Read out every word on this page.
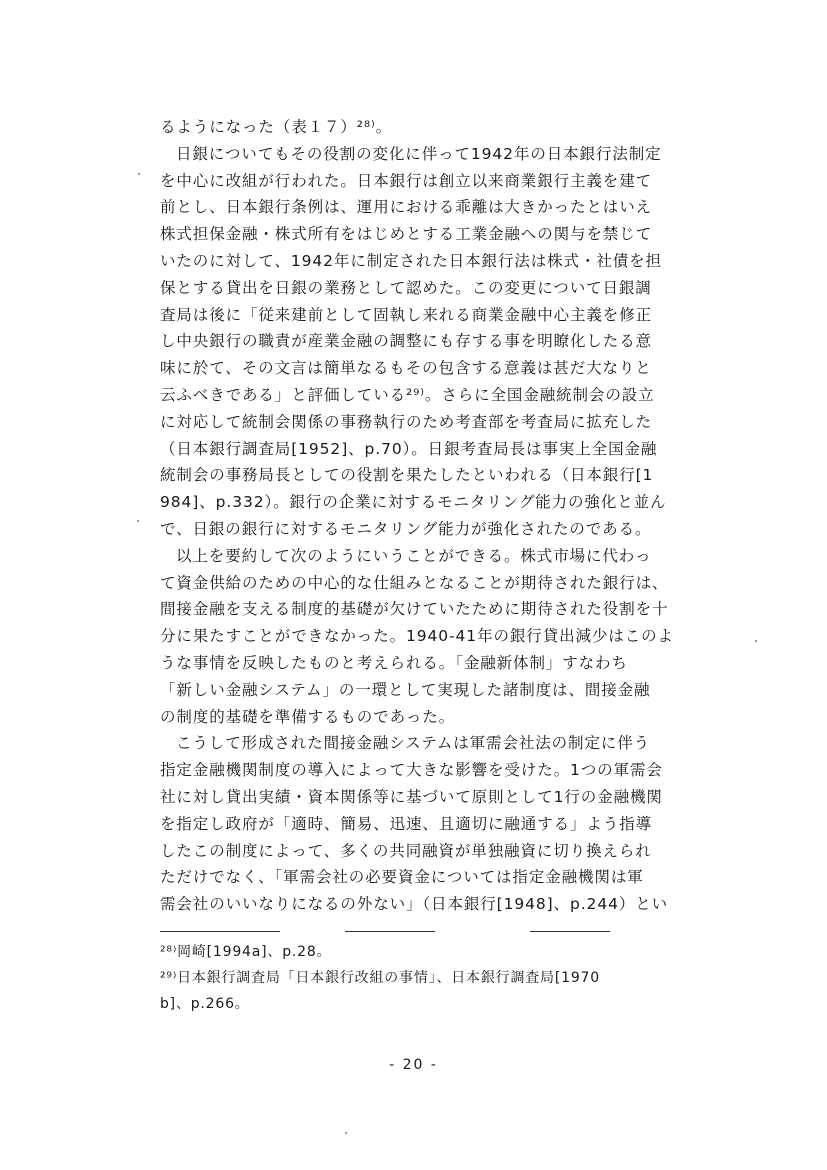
るようになった（表１７）²⁸⁾。
日銀についてもその役割の変化に伴って1942年の日本銀行法制定
を中心に改組が行われた。日本銀行は創立以来商業銀行主義を建て
前とし、日本銀行条例は、運用における乖離は大きかったとはいえ
株式担保金融・株式所有をはじめとする工業金融への関与を禁じて
いたのに対して、1942年に制定された日本銀行法は株式・社債を担
保とする貸出を日銀の業務として認めた。この変更について日銀調
査局は後に「従来建前として固執し来れる商業金融中心主義を修正
し中央銀行の職責が産業金融の調整にも存する事を明瞭化したる意
味に於て、その文言は簡単なるもその包含する意義は甚だ大なりと
云ふべきである」と評価している²⁹⁾。さらに全国金融統制会の設立
に対応して統制会関係の事務執行のため考査部を考査局に拡充した
（日本銀行調査局[1952]、p.70）。日銀考査局長は事実上全国金融
統制会の事務局長としての役割を果たしたといわれる（日本銀行[1
984]、p.332）。銀行の企業に対するモニタリング能力の強化と並ん
で、日銀の銀行に対するモニタリング能力が強化されたのである。
以上を要約して次のようにいうことができる。株式市場に代わっ
て資金供給のための中心的な仕組みとなることが期待された銀行は、
間接金融を支える制度的基礎が欠けていたために期待された役割を十
分に果たすことができなかった。1940-41年の銀行貸出減少はこのよ
うな事情を反映したものと考えられる。「金融新体制」すなわち
「新しい金融システム」の一環として実現した諸制度は、間接金融
の制度的基礎を準備するものであった。
こうして形成された間接金融システムは軍需会社法の制定に伴う
指定金融機関制度の導入によって大きな影響を受けた。1つの軍需会
社に対し貸出実績・資本関係等に基づいて原則として1行の金融機関
を指定し政府が「適時、簡易、迅速、且適切に融通する」よう指導
したこの制度によって、多くの共同融資が単独融資に切り換えられ
ただけでなく、「軍需会社の必要資金については指定金融機関は軍
需会社のいいなりになるの外ない」（日本銀行[1948]、p.244）とい
²⁸⁾岡崎[1994a]、p.28。
²⁹⁾日本銀行調査局「日本銀行改組の事情」、日本銀行調査局[1970
b]、p.266。
- 20 -
